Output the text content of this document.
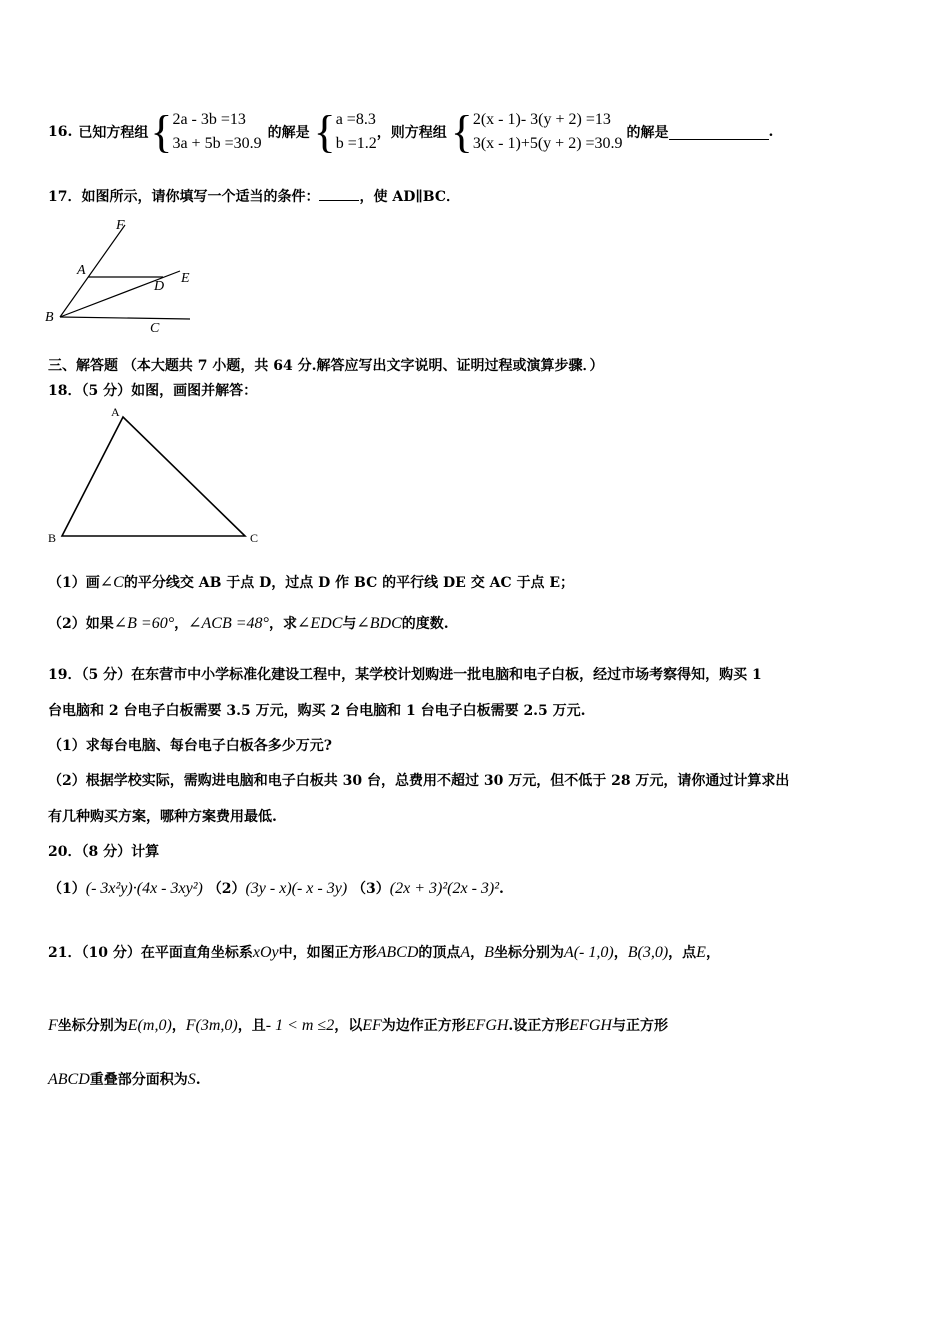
16. 已知方程组 { 2a - 3b =13
3a + 5b =30.9
的解是 { a =8.3
b =1.2
，则方程组 { 2(x - 1)- 3(y + 2) =13
3(x - 1)+5(y + 2) =30.9
的解是	.
17．如图所示，请你填写一个适当的条件：	，使 AD∥BC．
F
A
E
D
B
C
三、解答题 （本大题共 7 小题，共 64 分.解答应写出文字说明、证明过程或演算步骤．）
18．（5 分）如图，画图并解答：
A
B	C
（1）画∠C的平分线交 AB 于点 D，过点 D 作 BC 的平行线 DE 交 AC 于点 E；
（2）如果∠B =60°，∠ACB =48°，求∠EDC与∠BDC的度数.
19．（5 分）在东营市中小学标准化建设工程中，某学校计划购进一批电脑和电子白板，经过市场考察得知，购买 1
台电脑和 2 台电子白板需要 3.5 万元，购买 2 台电脑和 1 台电子白板需要 2.5 万元.
（1）求每台电脑、每台电子白板各多少万元?
（2）根据学校实际，需购进电脑和电子白板共 30 台，总费用不超过 30 万元，但不低于 28 万元，请你通过计算求出
有几种购买方案，哪种方案费用最低.
20．（8 分）计算
（1）(- 3x²y)·(4x - 3xy²) （2）(3y - x)(- x - 3y) （3）(2x + 3)²(2x - 3)².
21．（10 分）在平面直角坐标系xOy中，如图正方形ABCD的顶点A，B坐标分别为A(- 1,0)，B(3,0)，点E，
F坐标分别为E(m,0)，F(3m,0)，且- 1 < m ≤2，以EF为边作正方形EFGH.设正方形EFGH与正方形
ABCD重叠部分面积为S.
